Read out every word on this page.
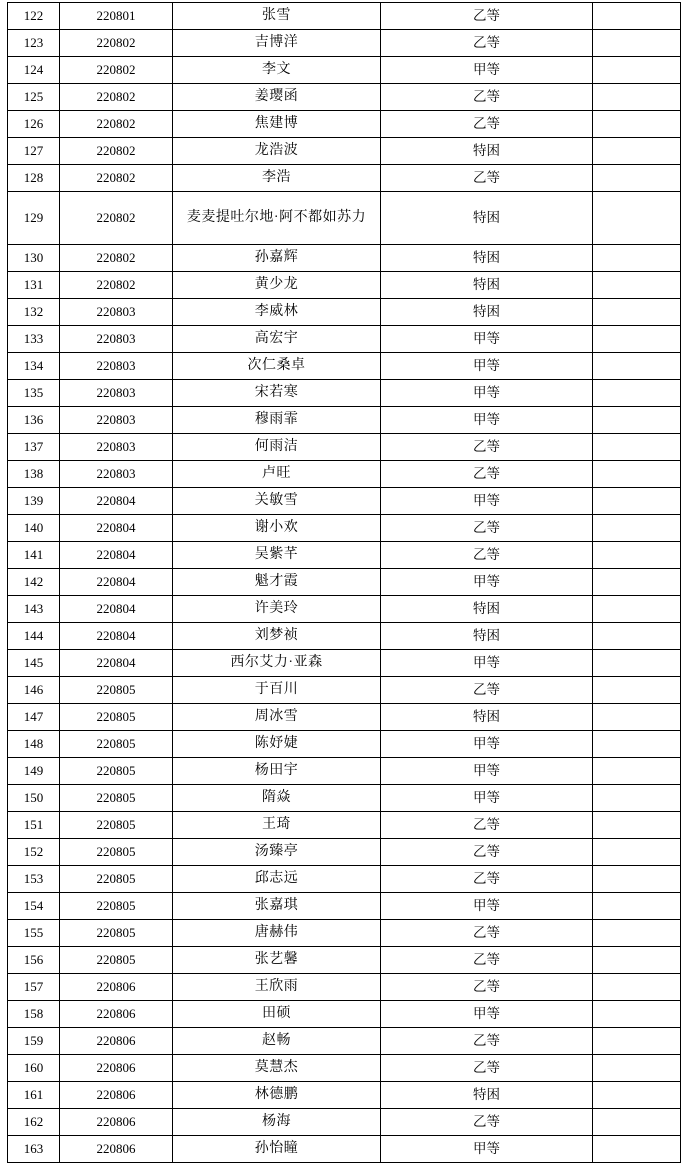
122	220801	张雪	乙等	
123	220802	吉博洋	乙等	
124	220802	李文	甲等	
125	220802	姜璎函	乙等	
126	220802	焦建博	乙等	
127	220802	龙浩波	特困	
128	220802	李浩	乙等	
129	220802	麦麦提吐尔地·阿不都如苏力	特困	
130	220802	孙嘉辉	特困	
131	220802	黄少龙	特困	
132	220803	李威林	特困	
133	220803	高宏宇	甲等	
134	220803	次仁桑卓	甲等	
135	220803	宋若寒	甲等	
136	220803	穆雨霏	甲等	
137	220803	何雨洁	乙等	
138	220803	卢旺	乙等	
139	220804	关敏雪	甲等	
140	220804	谢小欢	乙等	
141	220804	吴紫芊	乙等	
142	220804	魁才霞	甲等	
143	220804	许美玲	特困	
144	220804	刘梦祯	特困	
145	220804	西尔艾力·亚森	甲等	
146	220805	于百川	乙等	
147	220805	周冰雪	特困	
148	220805	陈妤婕	甲等	
149	220805	杨田宇	甲等	
150	220805	隋焱	甲等	
151	220805	王琦	乙等	
152	220805	汤臻亭	乙等	
153	220805	邱志远	乙等	
154	220805	张嘉琪	甲等	
155	220805	唐赫伟	乙等	
156	220805	张艺馨	乙等	
157	220806	王欣雨	乙等	
158	220806	田硕	甲等	
159	220806	赵畅	乙等	
160	220806	莫慧杰	乙等	
161	220806	林德鹏	特困	
162	220806	杨海	乙等	
163	220806	孙怡瞳	甲等	
